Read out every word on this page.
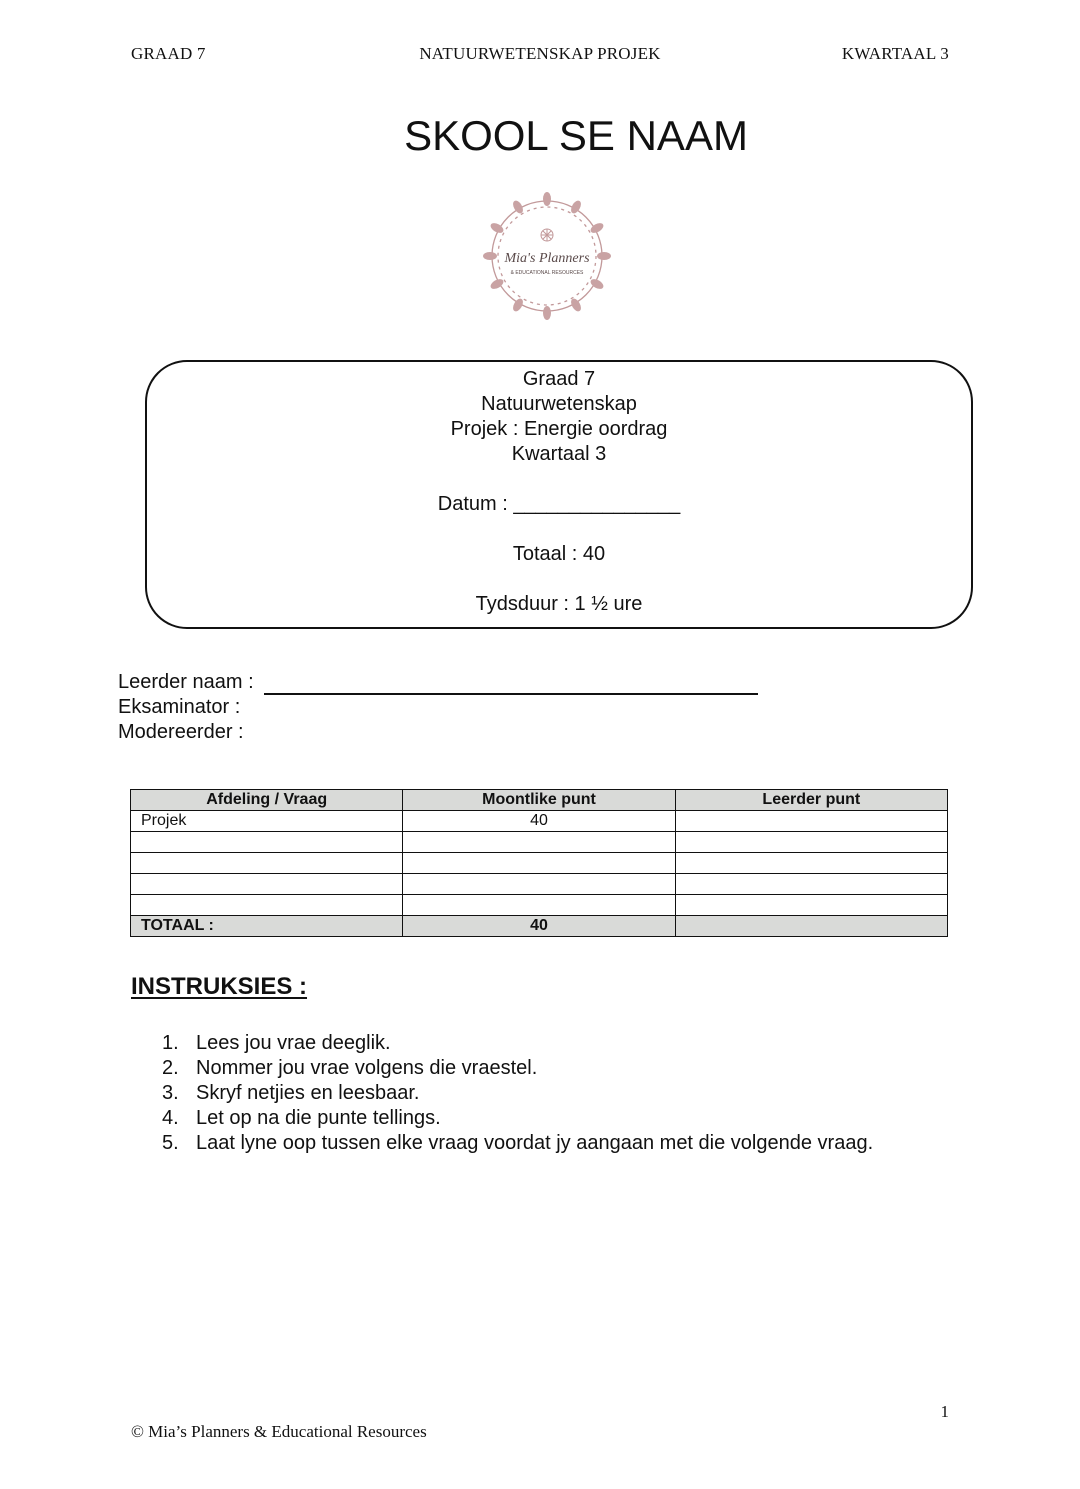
GRAAD 7	NATUURWETENSKAP PROJEK	KWARTAAL 3
SKOOL SE NAAM
Mia's Planners
& EDUCATIONAL RESOURCES
Graad 7
Natuurwetenskap
Projek : Energie oordrag
Kwartaal 3
Datum : _______________
Totaal : 40
Tydsduur : 1 ½ ure
Leerder naam :
Eksaminator :
Modereerder :
Afdeling / Vraag	Moontlike punt	Leerder punt
Projek	40	

TOTAAL :	40	
INSTRUKSIES :
1. Lees jou vrae deeglik.
2. Nommer jou vrae volgens die vraestel.
3. Skryf netjies en leesbaar.
4. Let op na die punte tellings.
5. Laat lyne oop tussen elke vraag voordat jy aangaan met die volgende vraag.
1
© Mia’s Planners & Educational Resources
